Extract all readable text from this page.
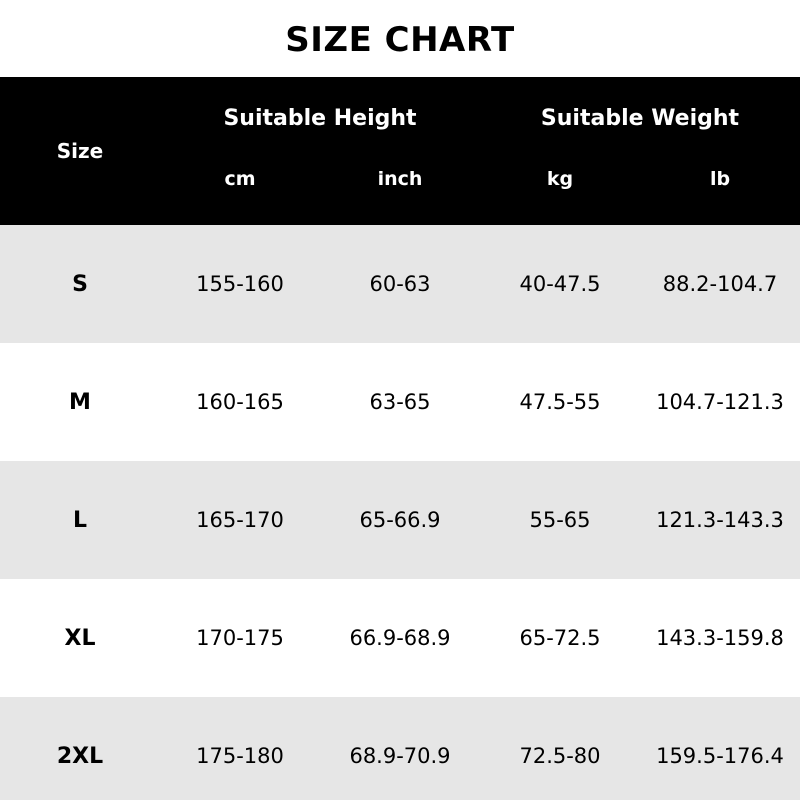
SIZE CHART
Size	Suitable Height		Suitable Weight	
	cm	inch	kg	lb
S	155-160	60-63	40-47.5	88.2-104.7
M	160-165	63-65	47.5-55	104.7-121.3
L	165-170	65-66.9	55-65	121.3-143.3
XL	170-175	66.9-68.9	65-72.5	143.3-159.8
2XL	175-180	68.9-70.9	72.5-80	159.5-176.4
